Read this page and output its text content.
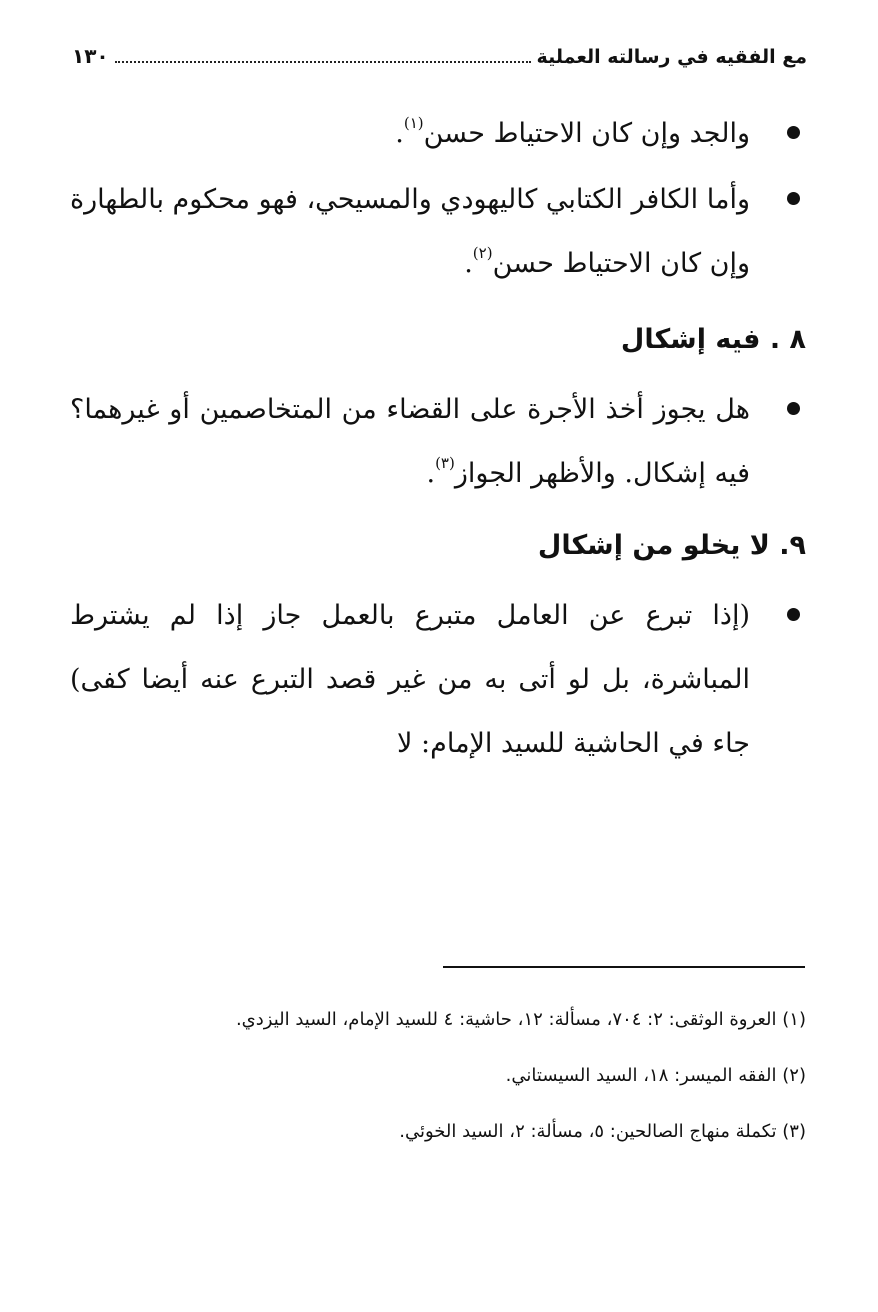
مع الفقيه في رسالته العملية
١٣٠
والجد وإن كان الاحتياط حسن$^{(١)}$.
وأما الكافر الكتابي كاليهودي والمسيحي، فهو محكوم بالطهارة وإن كان الاحتياط حسن$^{(٢)}$.
٨ . فيه إشكال
هل يجوز أخذ الأجرة على القضاء من المتخاصمين أو غيرهما؟ فيه إشكال. والأظهر الجواز$^{(٣)}$.
٩. لا يخلو من إشكال
(إذا تبرع عن العامل متبرع بالعمل جاز إذا لم يشترط المباشرة، بل لو أتى به من غير قصد التبرع عنه أيضا كفى) جاء في الحاشية للسيد الإمام: لا
(١) العروة الوثقى: ٢: ٧٠٤، مسألة: ١٢، حاشية: ٤ للسيد الإمام، السيد اليزدي.
(٢) الفقه الميسر: ١٨، السيد السيستاني.
(٣) تكملة منهاج الصالحين: ٥، مسألة: ٢، السيد الخوئي.
